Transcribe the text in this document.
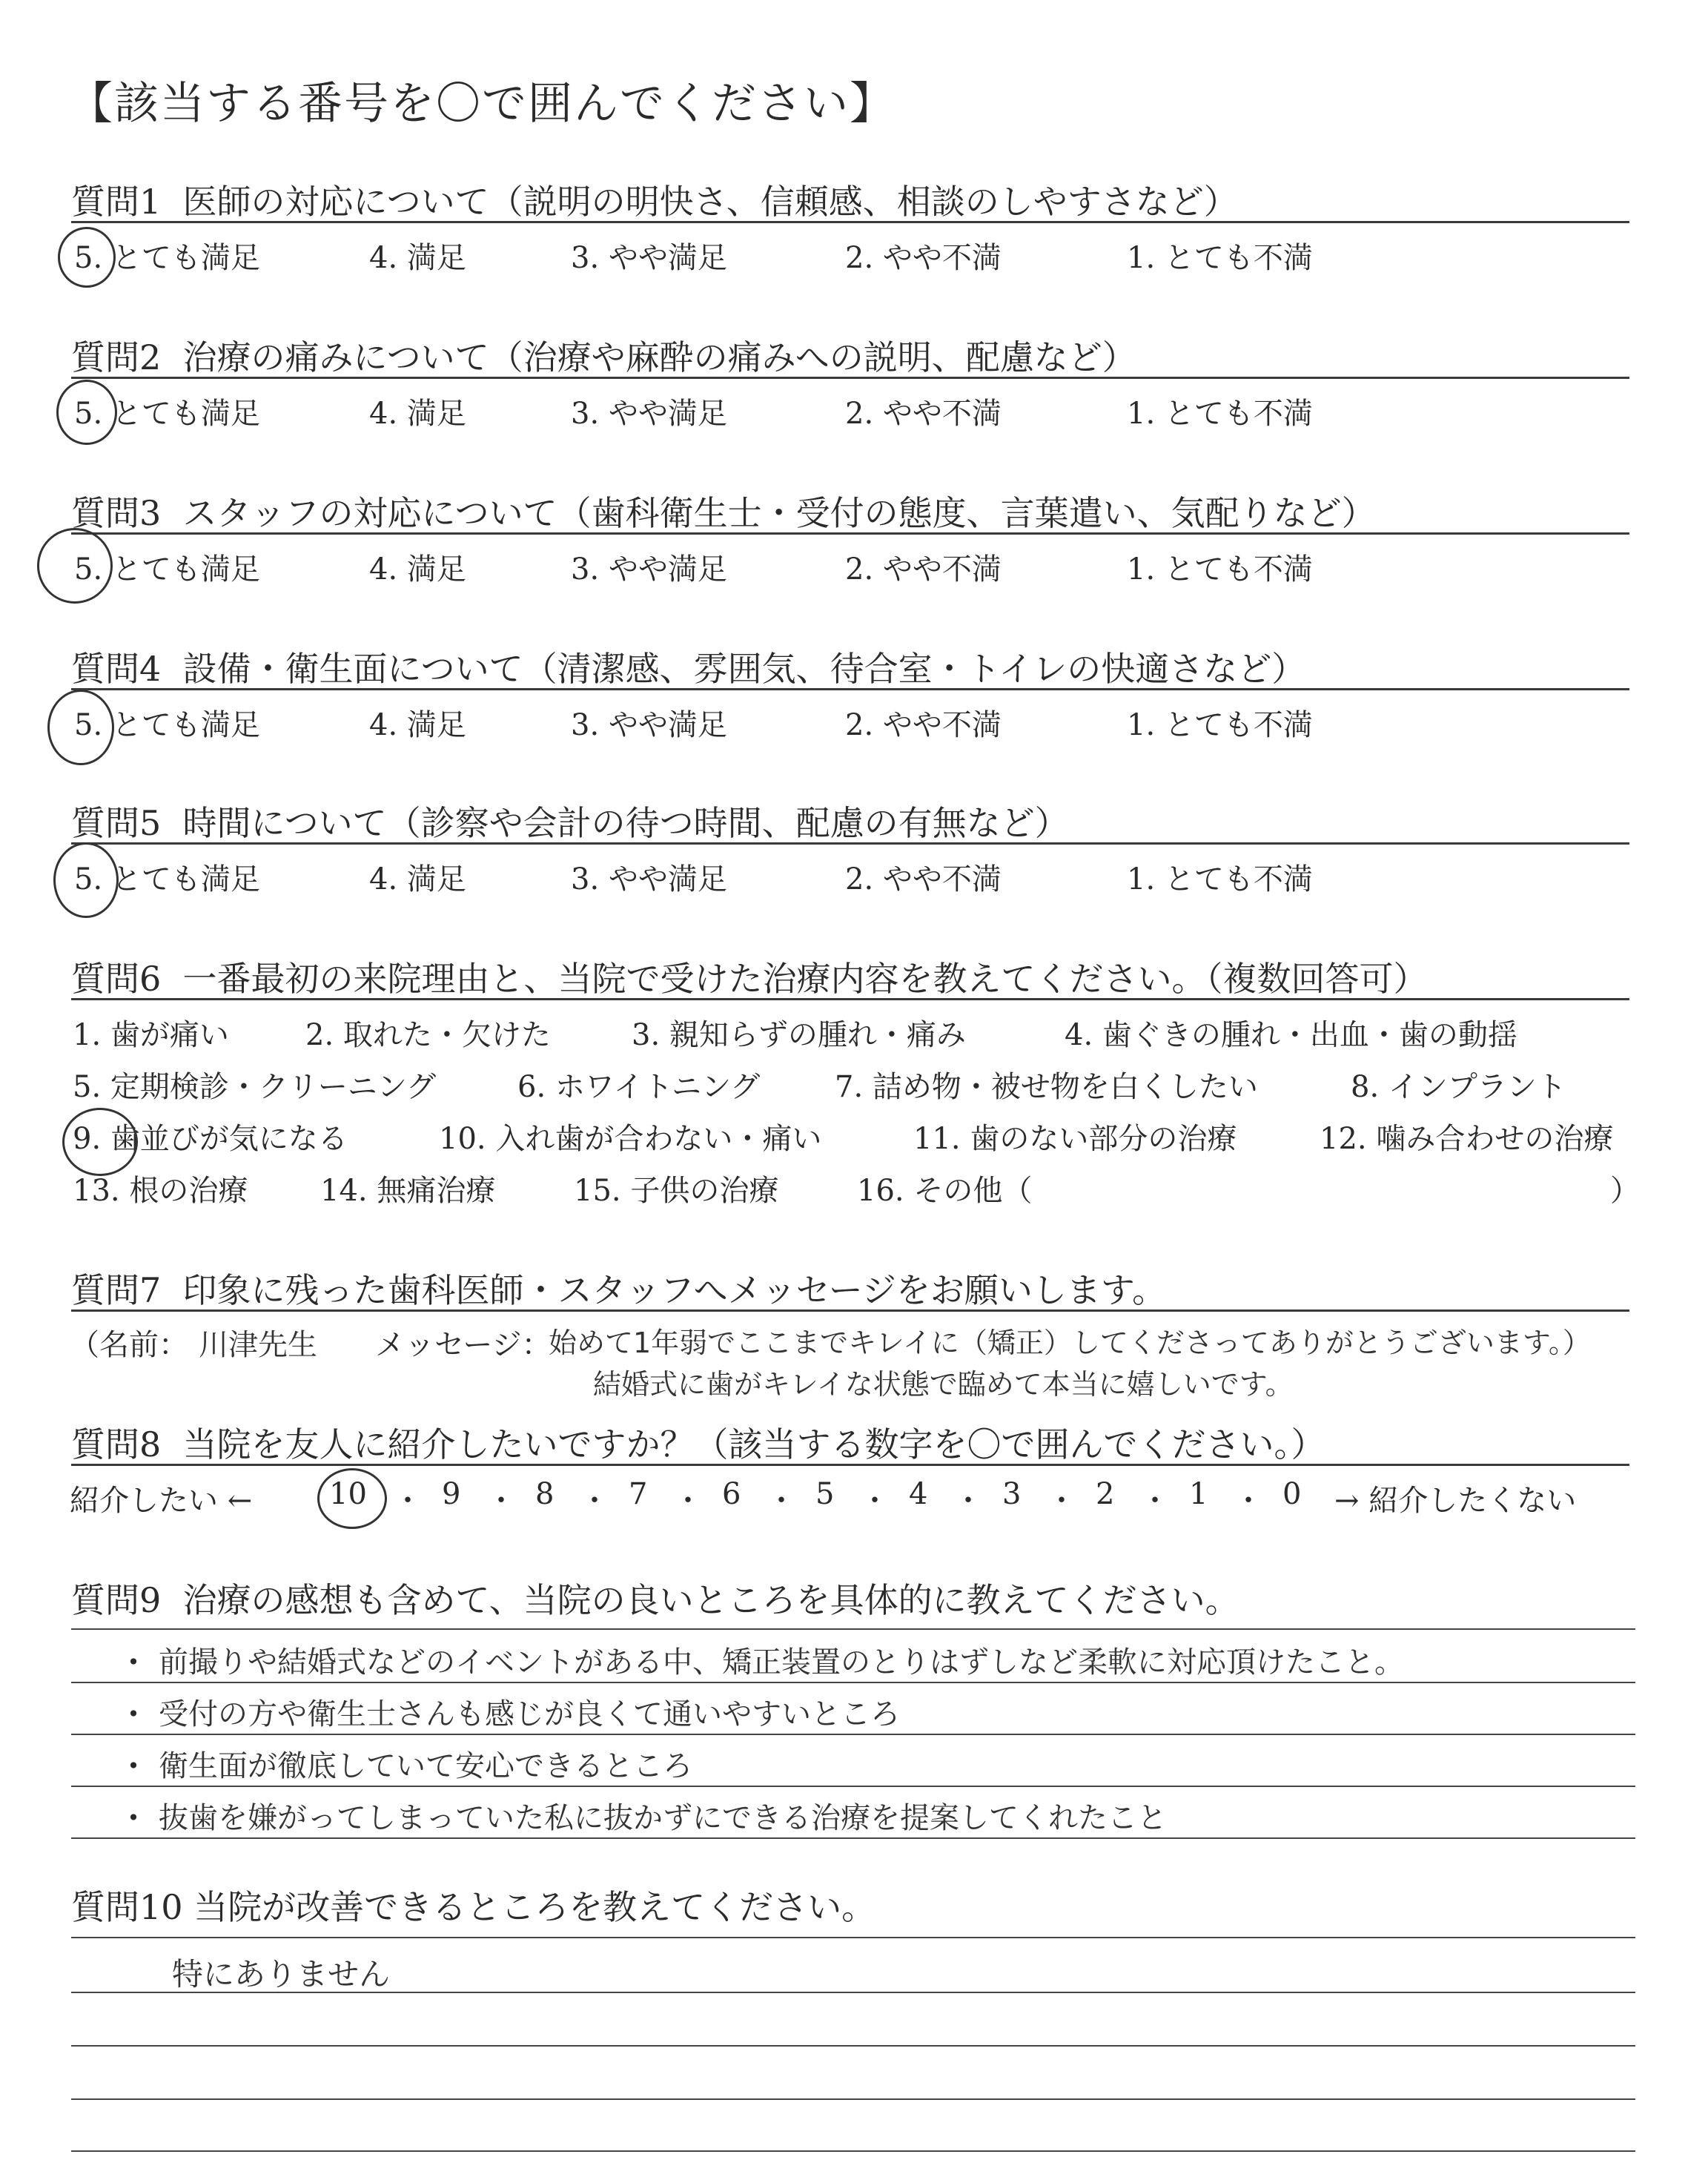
【該当する番号を〇で囲んでください】
質問1 医師の対応について（説明の明快さ、信頼感、相談のしやすさなど）
5. とても満足	4. 満足	3. やや満足	2. やや不満	1. とても不満
質問2 治療の痛みについて（治療や麻酔の痛みへの説明、配慮など）
5. とても満足	4. 満足	3. やや満足	2. やや不満	1. とても不満
質問3 スタッフの対応について（歯科衛生士・受付の態度、言葉遣い、気配りなど）
5. とても満足	4. 満足	3. やや満足	2. やや不満	1. とても不満
質問4 設備・衛生面について（清潔感、雰囲気、待合室・トイレの快適さなど）
5. とても満足	4. 満足	3. やや満足	2. やや不満	1. とても不満
質問5 時間について（診察や会計の待つ時間、配慮の有無など）
5. とても満足	4. 満足	3. やや満足	2. やや不満	1. とても不満
質問6 一番最初の来院理由と、当院で受けた治療内容を教えてください。（複数回答可）
1. 歯が痛い	2. 取れた・欠けた	3. 親知らずの腫れ・痛み	4. 歯ぐきの腫れ・出血・歯の動揺
5. 定期検診・クリーニング	6. ホワイトニング	7. 詰め物・被せ物を白くしたい	8. インプラント
9. 歯並びが気になる	10. 入れ歯が合わない・痛い	11. 歯のない部分の治療	12. 噛み合わせの治療
13. 根の治療 14. 無痛治療	15. 子供の治療	16. その他（	）
質問7 印象に残った歯科医師・スタッフへメッセージをお願いします。
（名前： 川津先生 メッセージ：
始めて1年弱でここまでキレイに（矯正）してくださってありがとうございます。）
結婚式に歯がキレイな状態で臨めて本当に嬉しいです。
質問8 当院を友人に紹介したいですか？（該当する数字を〇で囲んでください。）
紹介したい ←	10 ・ 9 ・ 8 ・ 7 ・ 6 ・ 5 ・ 4 ・ 3 ・ 2 ・ 1 ・ 0 → 紹介したくない
質問9 治療の感想も含めて、当院の良いところを具体的に教えてください。
・ 前撮りや結婚式などのイベントがある中、矯正装置のとりはずしなど柔軟に対応頂けたこと。
・ 受付の方や衛生士さんも感じが良くて通いやすいところ
・ 衛生面が徹底していて安心できるところ
・ 抜歯を嫌がってしまっていた私に抜かずにできる治療を提案してくれたこと
質問10 当院が改善できるところを教えてください。
特にありません
